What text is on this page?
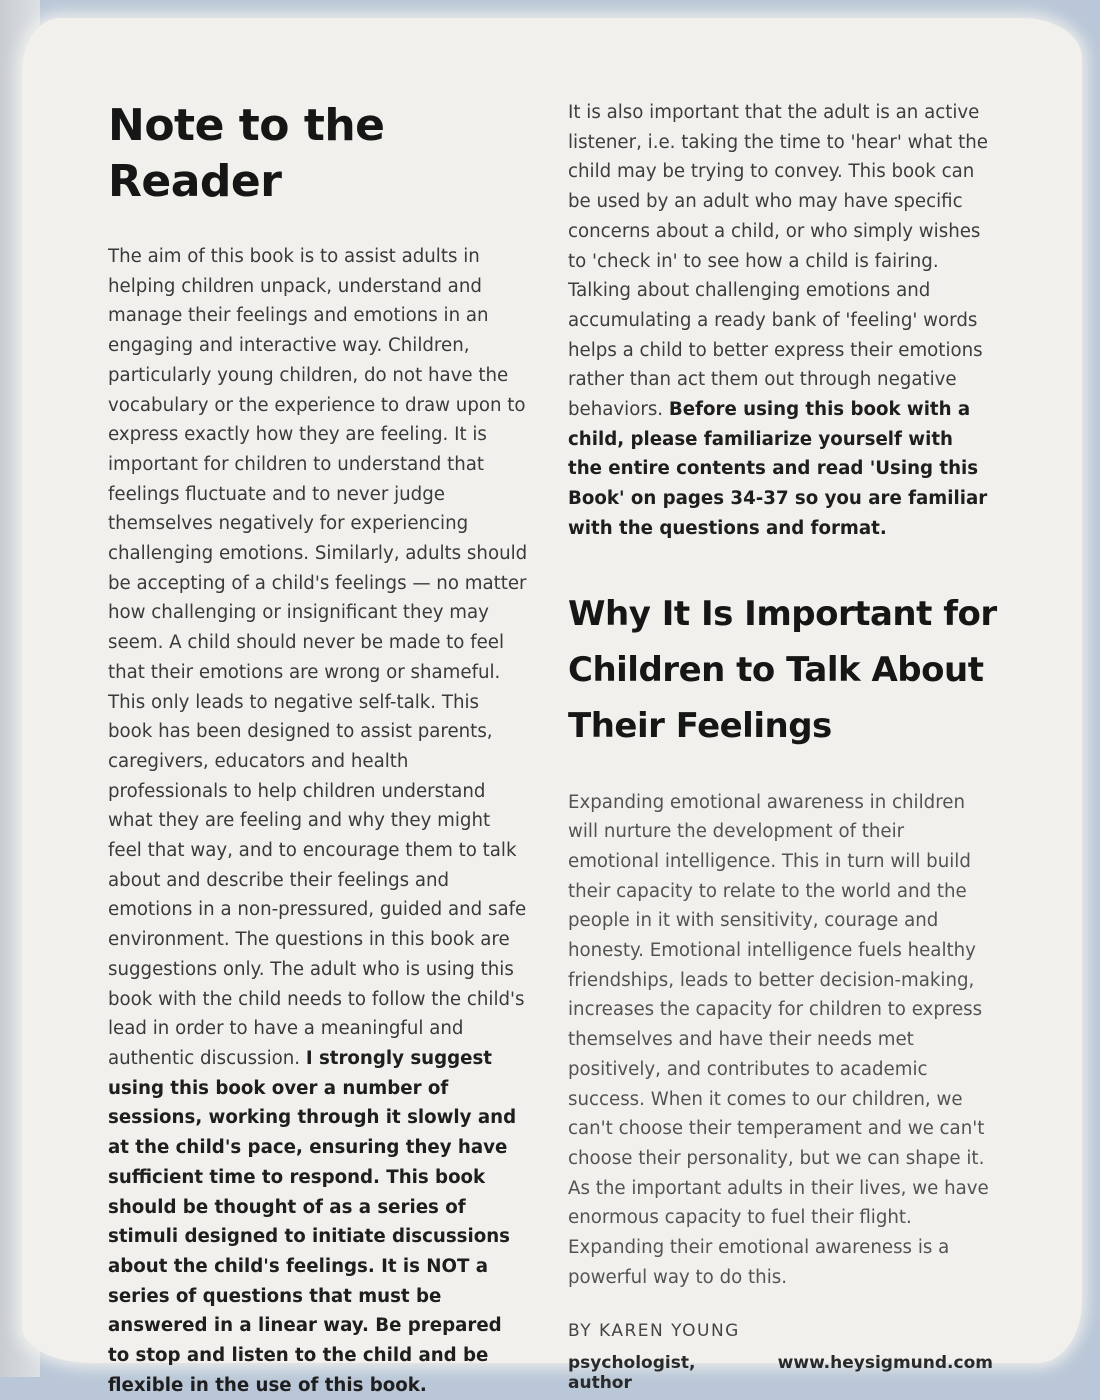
Note to the Reader

The aim of this book is to assist adults in helping children unpack, understand and manage their feelings and emotions in an engaging and interactive way. Children, particularly young children, do not have the vocabulary or the experience to draw upon to express exactly how they are feeling. It is important for children to understand that feelings fluctuate and to never judge themselves negatively for experiencing challenging emotions. Similarly, adults should be accepting of a child's feelings — no matter how challenging or insignificant they may seem. A child should never be made to feel that their emotions are wrong or shameful. This only leads to negative self-talk. This book has been designed to assist parents, caregivers, educators and health professionals to help children understand what they are feeling and why they might feel that way, and to encourage them to talk about and describe their feelings and emotions in a non-pressured, guided and safe environment. The questions in this book are suggestions only. The adult who is using this book with the child needs to follow the child's lead in order to have a meaningful and authentic discussion. I strongly suggest using this book over a number of sessions, working through it slowly and at the child's pace, ensuring they have sufficient time to respond. This book should be thought of as a series of stimuli designed to initiate discussions about the child's feelings. It is NOT a series of questions that must be answered in a linear way. Be prepared to stop and listen to the child and be flexible in the use of this book.

It is also important that the adult is an active listener, i.e. taking the time to 'hear' what the child may be trying to convey. This book can be used by an adult who may have specific concerns about a child, or who simply wishes to 'check in' to see how a child is fairing. Talking about challenging emotions and accumulating a ready bank of 'feeling' words helps a child to better express their emotions rather than act them out through negative behaviors. Before using this book with a child, please familiarize yourself with the entire contents and read 'Using this Book' on pages 34-37 so you are familiar with the questions and format.

Why It Is Important for Children to Talk About Their Feelings

Expanding emotional awareness in children will nurture the development of their emotional intelligence. This in turn will build their capacity to relate to the world and the people in it with sensitivity, courage and honesty. Emotional intelligence fuels healthy friendships, leads to better decision-making, increases the capacity for children to express themselves and have their needs met positively, and contributes to academic success. When it comes to our children, we can't choose their temperament and we can't choose their personality, but we can shape it. As the important adults in their lives, we have enormous capacity to fuel their flight. Expanding their emotional awareness is a powerful way to do this.

BY KAREN YOUNG
psychologist, author
www.heysigmund.com
